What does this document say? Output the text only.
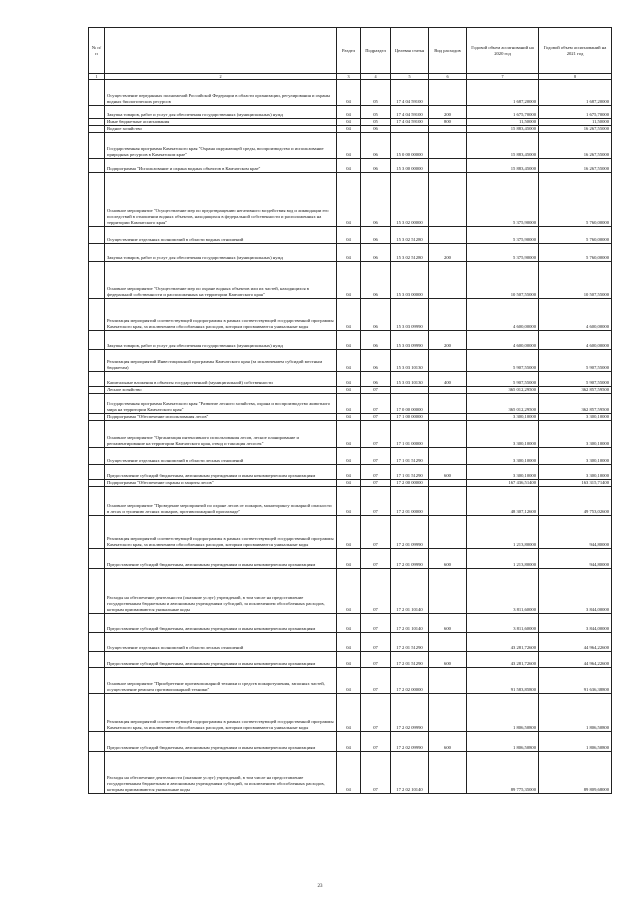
№ п/п		Раздел	Подраздел	Целевая статья	Вид расходов	Годовой объем ассигнований на 2020 год	Годовой объем ассигнований на 2021 год
1	2	3	4	5	6	7	8
	Осуществление переданных полномочий Российской Федерации в области организации, регулирования и охраны водных биологических ресурсов	04	05	17 4 04 59100		1 687,20000	1 687,20000
	Закупка товаров, работ и услуг для обеспечения государственных (муниципальных) нужд	04	05	17 4 04 59100	200	1 675,70000	1 675,70000
	Иные бюджетные ассигнования	04	05	17 4 04 59100	800	11,50000	11,50000
	Водное хозяйство	04	06			15 883,45000	16 267,55000
	Государственная программа Камчатского края "Охрана окружающей среды, воспроизводство и использование природных ресурсов в Камчатском крае"	04	06	15 0 00 00000		15 883,45000	16 267,55000
	Подпрограмма "Использование и охрана водных объектов в Камчатском крае"	04	06	15 3 00 00000		15 883,45000	16 267,55000
	Основное мероприятие "Осуществление мер по предотвращению негативного воздействия вод и ликвидации его последствий в отношении водных объектов, находящихся в федеральной собственности и расположенных на территории Камчатского края"	04	06	15 3 02 00000		5 375,90000	5 760,00000
	Осуществление отдельных полномочий в области водных отношений	04	06	15 3 02 51280		5 375,90000	5 760,00000
	Закупка товаров, работ и услуг для обеспечения государственных (муниципальных) нужд	04	06	15 3 02 51280	200	5 375,90000	5 760,00000
	Основное мероприятие "Осуществление мер по охране водных объектов или их частей, находящихся в федеральной собственности и расположенных на территории Камчатского края"	04	06	15 3 03 00000		10 507,55000	10 507,55000
	Реализация мероприятий соответствующей подпрограммы в рамках соответствующей государственной программы Камчатского края, за исключением обособленных расходов, которым присваиваются уникальные коды	04	06	15 3 03 09990		4 600,00000	4 600,00000
	Закупка товаров, работ и услуг для обеспечения государственных (муниципальных) нужд	04	06	15 3 03 09990	200	4 600,00000	4 600,00000
	Реализация мероприятий Инвестиционной программы Камчатского края (за исключением субсидий местным бюджетам)	04	06	15 3 03 10130		5 907,55000	5 907,55000
	Капитальные вложения в объекты государственной (муниципальной) собственности	04	06	15 3 03 10130	400	5 907,55000	5 907,55000
	Лесное хозяйство	04	07			365 012,29500	362 857,59500
	Государственная программа Камчатского края "Развитие лесного хозяйства, охрана и воспроизводство животного мира на территории Камчатского края"	04	07	17 0 00 00000		365 012,29500	362 857,59500
	Подпрограмма "Обеспечение использования лесов"	04	07	17 1 00 00000		3 300,10000	3 300,10000
	Основное мероприятие "Организация интенсивного использования лесов, лесное планирование и регламентирование на территории Камчатского края, отвод и таксация лесосек"	04	07	17 1 01 00000		3 300,10000	3 300,10000
	Осуществление отдельных полномочий в области лесных отношений	04	07	17 1 01 51290		3 300,10000	3 300,10000
	Предоставление субсидий бюджетным, автономным учреждениям и иным некоммерческим организациям	04	07	17 1 01 51290	600	3 300,10000	3 300,10000
	Подпрограмма "Обеспечение охраны и защиты лесов"	04	07	17 2 00 00000		167 436,51400	163 315,71400
	Основное мероприятие "Проведение мероприятий по охране лесов от пожаров, мониторингу пожарной опасности в лесах и тушению лесных пожаров, противопожарной пропаганде"	04	07	17 2 01 00000		48 307,12600	49 753,02600
	Реализация мероприятий соответствующей подпрограммы в рамках соответствующей государственной программы Камчатского края, за исключением обособленных расходов, которым присваиваются уникальные коды	04	07	17 2 01 09990		1 213,80000	944,80000
	Предоставление субсидий бюджетным, автономным учреждениям и иным некоммерческим организациям	04	07	17 2 01 09990	600	1 213,80000	944,80000
	Расходы на обеспечение деятельности (оказание услуг) учреждений, в том числе на предоставление государственным бюджетным и автономным учреждениям субсидий, за исключением обособленных расходов, которым присваиваются уникальные коды	04	07	17 2 01 10140		3 811,60000	3 844,00000
	Предоставление субсидий бюджетным, автономным учреждениям и иным некоммерческим организациям	04	07	17 2 01 10140	600	3 811,60000	3 844,00000
	Осуществление отдельных полномочий в области лесных отношений	04	07	17 2 01 51290		43 281,72600	44 964,22600
	Предоставление субсидий бюджетным, автономным учреждениям и иным некоммерческим организациям	04	07	17 2 01 51290	600	43 281,72600	44 964,22600
	Основное мероприятие "Приобретение противопожарной техники и средств пожаротушения, запасных частей, осуществление ремонта противопожарной техники"	04	07	17 2 02 00000		91 583,85800	91 636,38800
	Реализация мероприятий соответствующей подпрограммы в рамках соответствующей государственной программы Камчатского края, за исключением обособленных расходов, которым присваиваются уникальные коды	04	07	17 2 02 09990		1 806,50800	1 806,50800
	Предоставление субсидий бюджетным, автономным учреждениям и иным некоммерческим организациям	04	07	17 2 02 09990	600	1 806,50800	1 806,50800
	Расходы на обеспечение деятельности (оказание услуг) учреждений, в том числе на предоставление государственным бюджетным и автономным учреждениям субсидий, за исключением обособленных расходов, которым присваиваются уникальные коды	04	07	17 2 02 10140		89 775,35000	89 809,68000
23
